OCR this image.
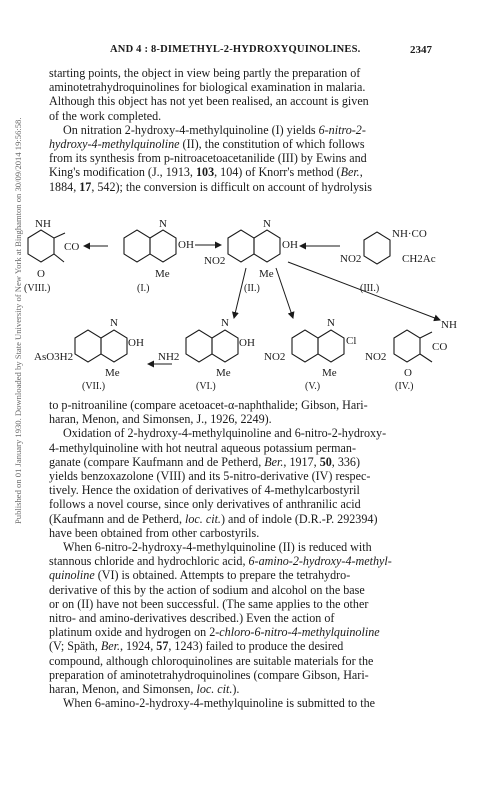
Published on 01 January 1930. Downloaded by State University of New York at Binghamton on 30/09/2014 19:56:58.
AND 4 : 8-DIMETHYL-2-HYDROXYQUINOLINES.	2347

starting points, the object in view being partly the preparation of

aminotetrahydroquinolines for biological examination in malaria.

Although this object has not yet been realised, an account is given

of the work completed.

On nitration 2-hydroxy-4-methylquinoline (I) yields 6-nitro-2-

hydroxy-4-methylquinoline (II), the constitution of which follows

from its synthesis from p-nitroacetoacetanilide (III) by Ewins and

King's modification (J., 1913, 103, 104) of Knorr's method (Ber.,

1884, 17, 542); the conversion is difficult on account of hydrolysis

NH
CO
O
(VIII.)
N
OH
Me
(I.)
N
OH
NO2
Me
(II.)
NH·CO
CH2Ac
NO2
(III.)
N
OH
AsO3H2
Me
(VII.)
N
OH
NH2
Me
(VI.)
N
Cl
NO2
Me
(V.)
NH
CO
O
NO2
(IV.)

to p-nitroaniline (compare acetoacet-α-naphthalide; Gibson, Hari-

haran, Menon, and Simonsen, J., 1926, 2249).

Oxidation of 2-hydroxy-4-methylquinoline and 6-nitro-2-hydroxy-

4-methylquinoline with hot neutral aqueous potassium perman-

ganate (compare Kaufmann and de Petherd, Ber., 1917, 50, 336)

yields benzoxazolone (VIII) and its 5-nitro-derivative (IV) respec-

tively. Hence the oxidation of derivatives of 4-methylcarbostyril

follows a novel course, since only derivatives of anthranilic acid

(Kaufmann and de Petherd, loc. cit.) and of indole (D.R.-P. 292394)

have been obtained from other carbostyrils.

When 6-nitro-2-hydroxy-4-methylquinoline (II) is reduced with

stannous chloride and hydrochloric acid, 6-amino-2-hydroxy-4-methyl-

quinoline (VI) is obtained. Attempts to prepare the tetrahydro-

derivative of this by the action of sodium and alcohol on the base

or on (II) have not been successful. (The same applies to the other

nitro- and amino-derivatives described.) Even the action of

platinum oxide and hydrogen on 2-chloro-6-nitro-4-methylquinoline

(V; Späth, Ber., 1924, 57, 1243) failed to produce the desired

compound, although chloroquinolines are suitable materials for the

preparation of aminotetrahydroquinolines (compare Gibson, Hari-

haran, Menon, and Simonsen, loc. cit.).

When 6-amino-2-hydroxy-4-methylquinoline is submitted to the
